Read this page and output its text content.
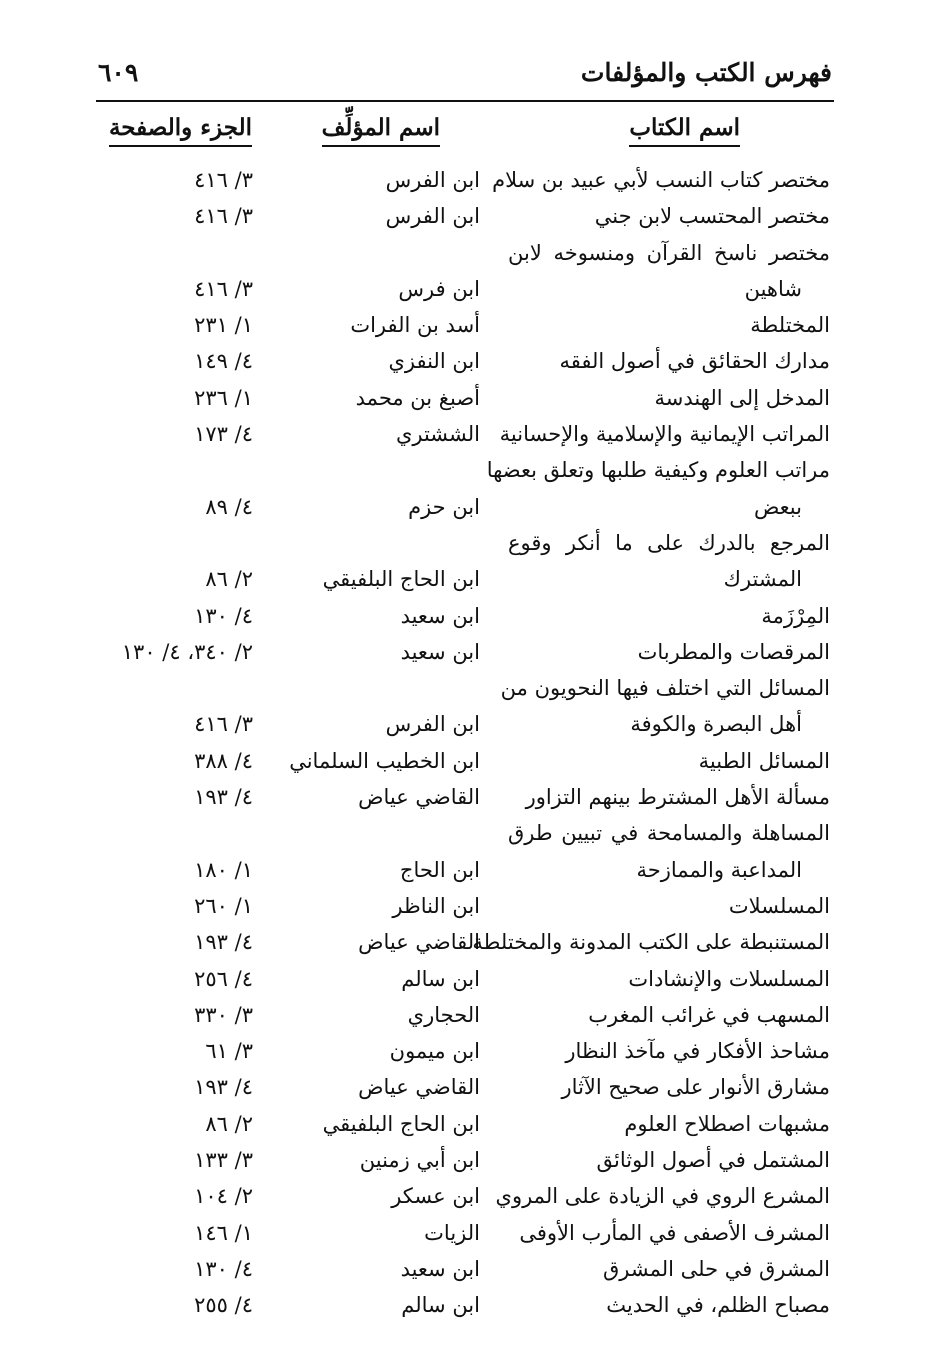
فهرس الكتب والمؤلفات
٦٠٩
اسم الكتاب
اسم المؤلِّف
الجزء والصفحة
مختصر كتاب النسب لأبي عبيد بن سلام
ابن الفرس
٣/ ٤١٦
مختصر المحتسب لابن جني
ابن الفرس
٣/ ٤١٦
مختصر ناسخ القرآن ومنسوخه لابن
شاهين
ابن فرس
٣/ ٤١٦
المختلطة
أسد بن الفرات
١/ ٢٣١
مدارك الحقائق في أصول الفقه
ابن النفزي
٤/ ١٤٩
المدخل إلى الهندسة
أصبغ بن محمد
١/ ٢٣٦
المراتب الإيمانية والإسلامية والإحسانية
الششتري
٤/ ١٧٣
مراتب العلوم وكيفية طلبها وتعلق بعضها
ببعض
ابن حزم
٤/ ٨٩
المرجع بالدرك على ما أنكر وقوع
المشترك
ابن الحاج البلفيقي
٢/ ٨٦
المِرْزَمة
ابن سعيد
٤/ ١٣٠
المرقصات والمطربات
ابن سعيد
٢/ ٣٤٠، ٤/ ١٣٠
المسائل التي اختلف فيها النحويون من
أهل البصرة والكوفة
ابن الفرس
٣/ ٤١٦
المسائل الطبية
ابن الخطيب السلماني
٤/ ٣٨٨
مسألة الأهل المشترط بينهم التزاور
القاضي عياض
٤/ ١٩٣
المساهلة والمسامحة في تبيين طرق
المداعبة والممازحة
ابن الحاج
١/ ١٨٠
المسلسلات
ابن الناظر
١/ ٢٦٠
المستنبطة على الكتب المدونة والمختلطة
القاضي عياض
٤/ ١٩٣
المسلسلات والإنشادات
ابن سالم
٤/ ٢٥٦
المسهب في غرائب المغرب
الحجاري
٣/ ٣٣٠
مشاحذ الأفكار في مآخذ النظار
ابن ميمون
٣/ ٦١
مشارق الأنوار على صحيح الآثار
القاضي عياض
٤/ ١٩٣
مشبهات اصطلاح العلوم
ابن الحاج البلفيقي
٢/ ٨٦
المشتمل في أصول الوثائق
ابن أبي زمنين
٣/ ١٣٣
المشرع الروي في الزيادة على المروي
ابن عسكر
٢/ ١٠٤
المشرف الأصفى في المأرب الأوفى
الزيات
١/ ١٤٦
المشرق في حلى المشرق
ابن سعيد
٤/ ١٣٠
مصباح الظلم، في الحديث
ابن سالم
٤/ ٢٥٥
